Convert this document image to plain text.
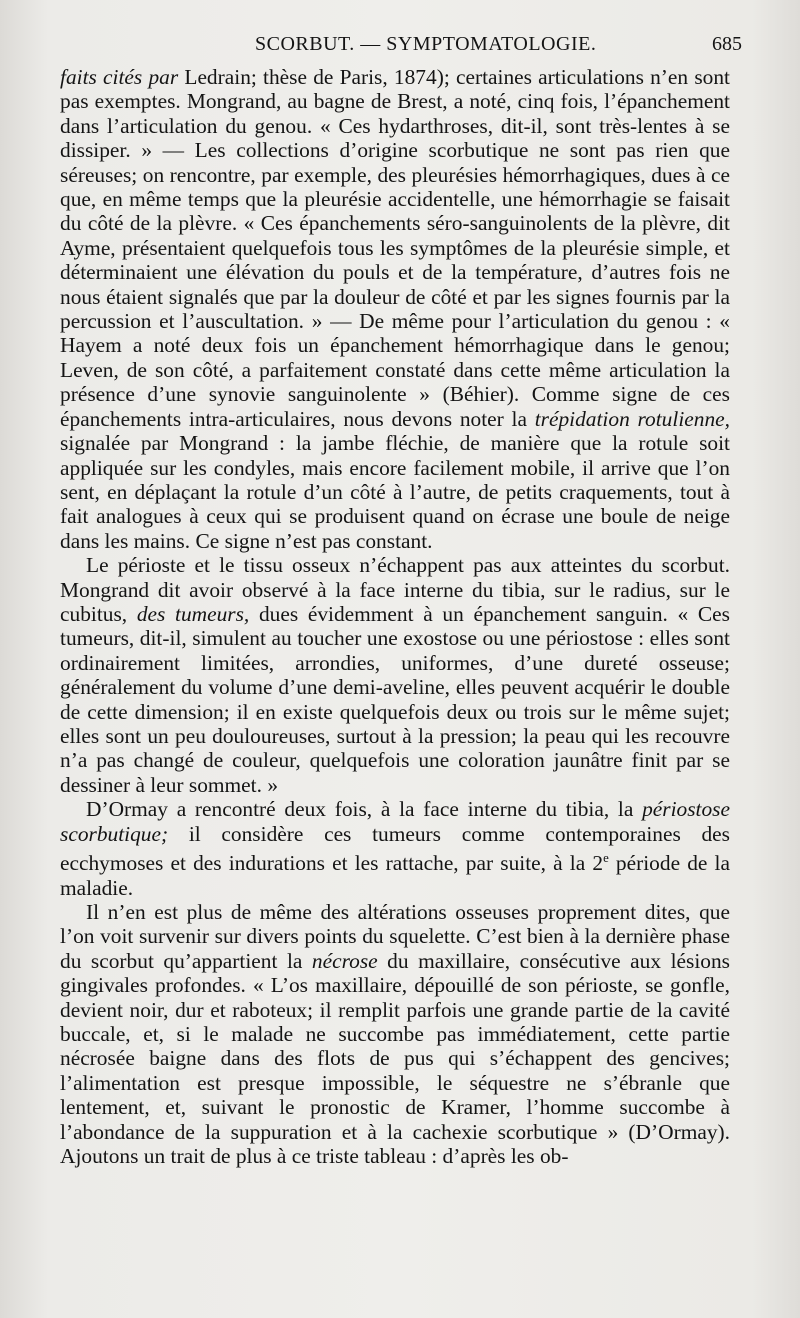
SCORBUT. — SYMPTOMATOLOGIE.	685

faits cités par Ledrain; thèse de Paris, 1874); certaines articulations n’en sont pas exemptes. Mongrand, au bagne de Brest, a noté, cinq fois, l’épanchement dans l’articulation du genou. « Ces hydarthroses, dit-il, sont très-lentes à se dissiper. » — Les collections d’origine scorbutique ne sont pas rien que séreuses; on rencontre, par exemple, des pleurésies hémorrhagiques, dues à ce que, en même temps que la pleurésie accidentelle, une hémorrhagie se faisait du côté de la plèvre. « Ces épanchements séro-sanguinolents de la plèvre, dit Ayme, présentaient quelquefois tous les symptômes de la pleurésie simple, et déterminaient une élévation du pouls et de la température, d’autres fois ne nous étaient signalés que par la douleur de côté et par les signes fournis par la percussion et l’auscultation. » — De même pour l’articulation du genou : « Hayem a noté deux fois un épanchement hémorrhagique dans le genou; Leven, de son côté, a parfaitement constaté dans cette même articulation la présence d’une synovie sanguinolente » (Béhier). Comme signe de ces épanchements intra-articulaires, nous devons noter la trépidation rotulienne, signalée par Mongrand : la jambe fléchie, de manière que la rotule soit appliquée sur les condyles, mais encore facilement mobile, il arrive que l’on sent, en déplaçant la rotule d’un côté à l’autre, de petits craquements, tout à fait analogues à ceux qui se produisent quand on écrase une boule de neige dans les mains. Ce signe n’est pas constant.

Le périoste et le tissu osseux n’échappent pas aux atteintes du scorbut. Mongrand dit avoir observé à la face interne du tibia, sur le radius, sur le cubitus, des tumeurs, dues évidemment à un épanchement sanguin. « Ces tumeurs, dit-il, simulent au toucher une exostose ou une périostose : elles sont ordinairement limitées, arrondies, uniformes, d’une dureté osseuse; généralement du volume d’une demi-aveline, elles peuvent acquérir le double de cette dimension; il en existe quelquefois deux ou trois sur le même sujet; elles sont un peu douloureuses, surtout à la pression; la peau qui les recouvre n’a pas changé de couleur, quelquefois une coloration jaunâtre finit par se dessiner à leur sommet. »

D’Ormay a rencontré deux fois, à la face interne du tibia, la périostose scorbutique; il considère ces tumeurs comme contemporaines des ecchymoses et des indurations et les rattache, par suite, à la 2e période de la maladie.

Il n’en est plus de même des altérations osseuses proprement dites, que l’on voit survenir sur divers points du squelette. C’est bien à la dernière phase du scorbut qu’appartient la nécrose du maxillaire, consécutive aux lésions gingivales profondes. « L’os maxillaire, dépouillé de son périoste, se gonfle, devient noir, dur et raboteux; il remplit parfois une grande partie de la cavité buccale, et, si le malade ne succombe pas immédiatement, cette partie nécrosée baigne dans des flots de pus qui s’échappent des gencives; l’alimentation est presque impossible, le séquestre ne s’ébranle que lentement, et, suivant le pronostic de Kramer, l’homme succombe à l’abondance de la suppuration et à la cachexie scorbutique » (D’Ormay). Ajoutons un trait de plus à ce triste tableau : d’après les ob-
